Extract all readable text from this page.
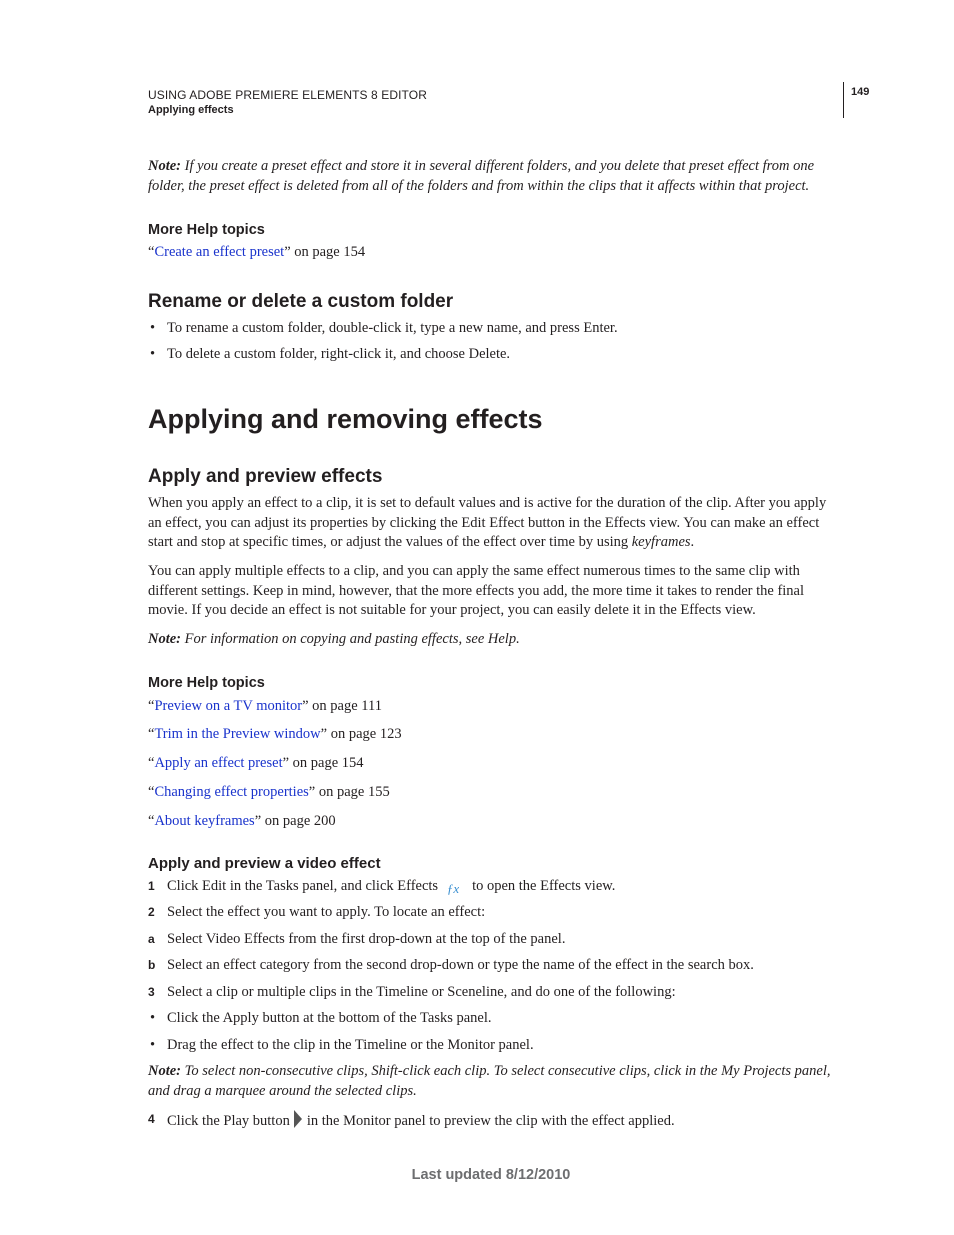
USING ADOBE PREMIERE ELEMENTS 8 EDITOR
Applying effects
149
Note: If you create a preset effect and store it in several different folders, and you delete that preset effect from one folder, the preset effect is deleted from all of the folders and from within the clips that it affects within that project.
More Help topics
“Create an effect preset” on page 154
Rename or delete a custom folder
• To rename a custom folder, double-click it, type a new name, and press Enter.
• To delete a custom folder, right-click it, and choose Delete.
Applying and removing effects
Apply and preview effects
When you apply an effect to a clip, it is set to default values and is active for the duration of the clip. After you apply an effect, you can adjust its properties by clicking the Edit Effect button in the Effects view. You can make an effect start and stop at specific times, or adjust the values of the effect over time by using keyframes.
You can apply multiple effects to a clip, and you can apply the same effect numerous times to the same clip with different settings. Keep in mind, however, that the more effects you add, the more time it takes to render the final movie. If you decide an effect is not suitable for your project, you can easily delete it in the Effects view.
Note: For information on copying and pasting effects, see Help.
More Help topics
“Preview on a TV monitor” on page 111
“Trim in the Preview window” on page 123
“Apply an effect preset” on page 154
“Changing effect properties” on page 155
“About keyframes” on page 200
Apply and preview a video effect
1 Click Edit in the Tasks panel, and click Effects ƒx to open the Effects view.
2 Select the effect you want to apply. To locate an effect:
a Select Video Effects from the first drop-down at the top of the panel.
b Select an effect category from the second drop-down or type the name of the effect in the search box.
3 Select a clip or multiple clips in the Timeline or Sceneline, and do one of the following:
• Click the Apply button at the bottom of the Tasks panel.
• Drag the effect to the clip in the Timeline or the Monitor panel.
Note: To select non-consecutive clips, Shift-click each clip. To select consecutive clips, click in the My Projects panel, and drag a marquee around the selected clips.
4 Click the Play button in the Monitor panel to preview the clip with the effect applied.
Last updated 8/12/2010
